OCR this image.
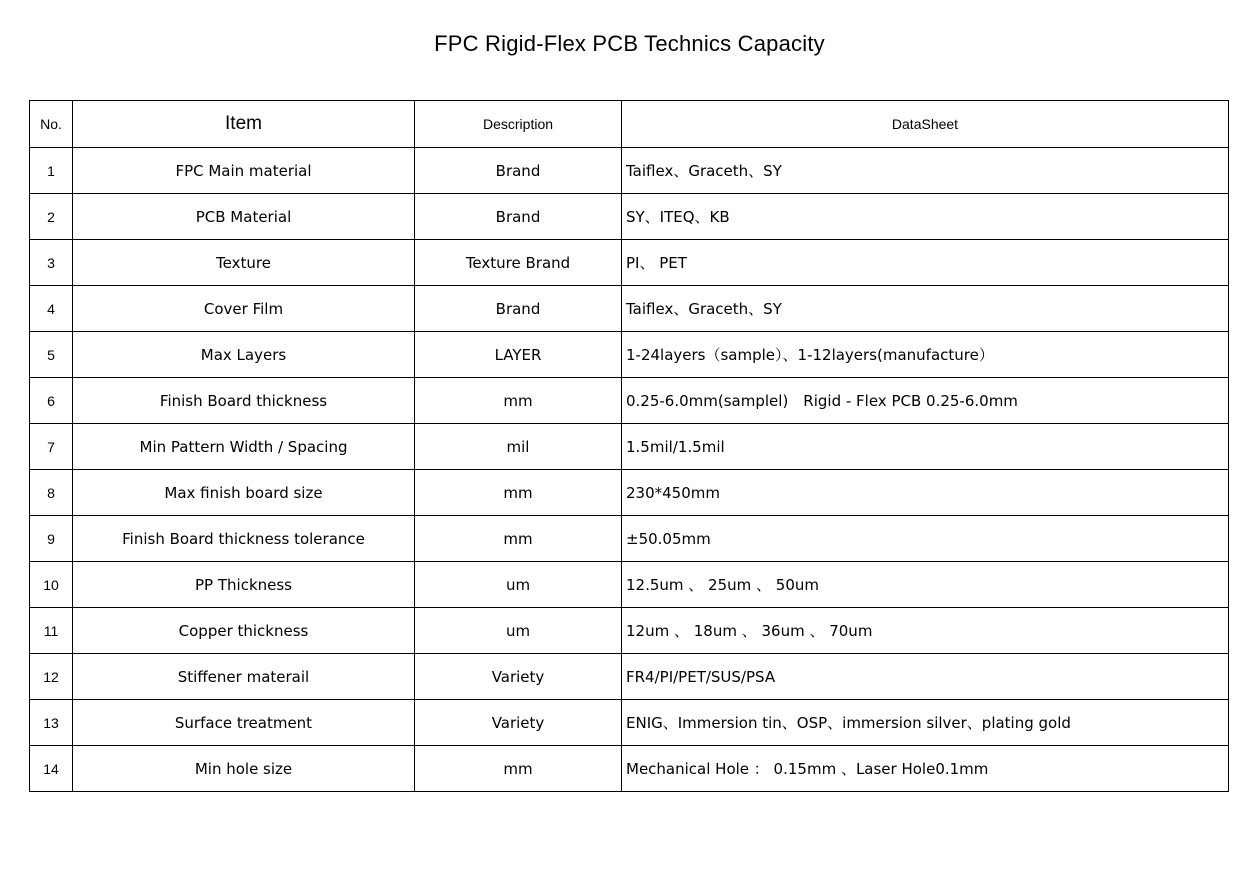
FPC Rigid-Flex PCB Technics Capacity
No.	Item	Description	DataSheet
1	FPC Main material	Brand	Taiflex、Graceth、SY
2	PCB Material	Brand	SY、ITEQ、KB
3	Texture	Texture Brand	PI、 PET
4	Cover Film	Brand	Taiflex、Graceth、SY
5	Max Layers	LAYER	1-24layers（sample）、1-12layers(manufacture）
6	Finish Board thickness	mm	0.25-6.0mm(samplel)　Rigid - Flex PCB 0.25-6.0mm
7	Min Pattern Width / Spacing	mil	1.5mil/1.5mil
8	Max finish board size	mm	230*450mm
9	Finish Board thickness tolerance	mm	±50.05mm
10	PP Thickness	um	12.5um 、 25um 、 50um
11	Copper thickness	um	12um 、 18um 、 36um 、 70um
12	Stiffener materail	Variety	FR4/PI/PET/SUS/PSA
13	Surface treatment	Variety	ENIG、Immersion tin、OSP、immersion silver、plating gold
14	Min hole size	mm	Mechanical Hole ： 0.15mm 、Laser Hole0.1mm
